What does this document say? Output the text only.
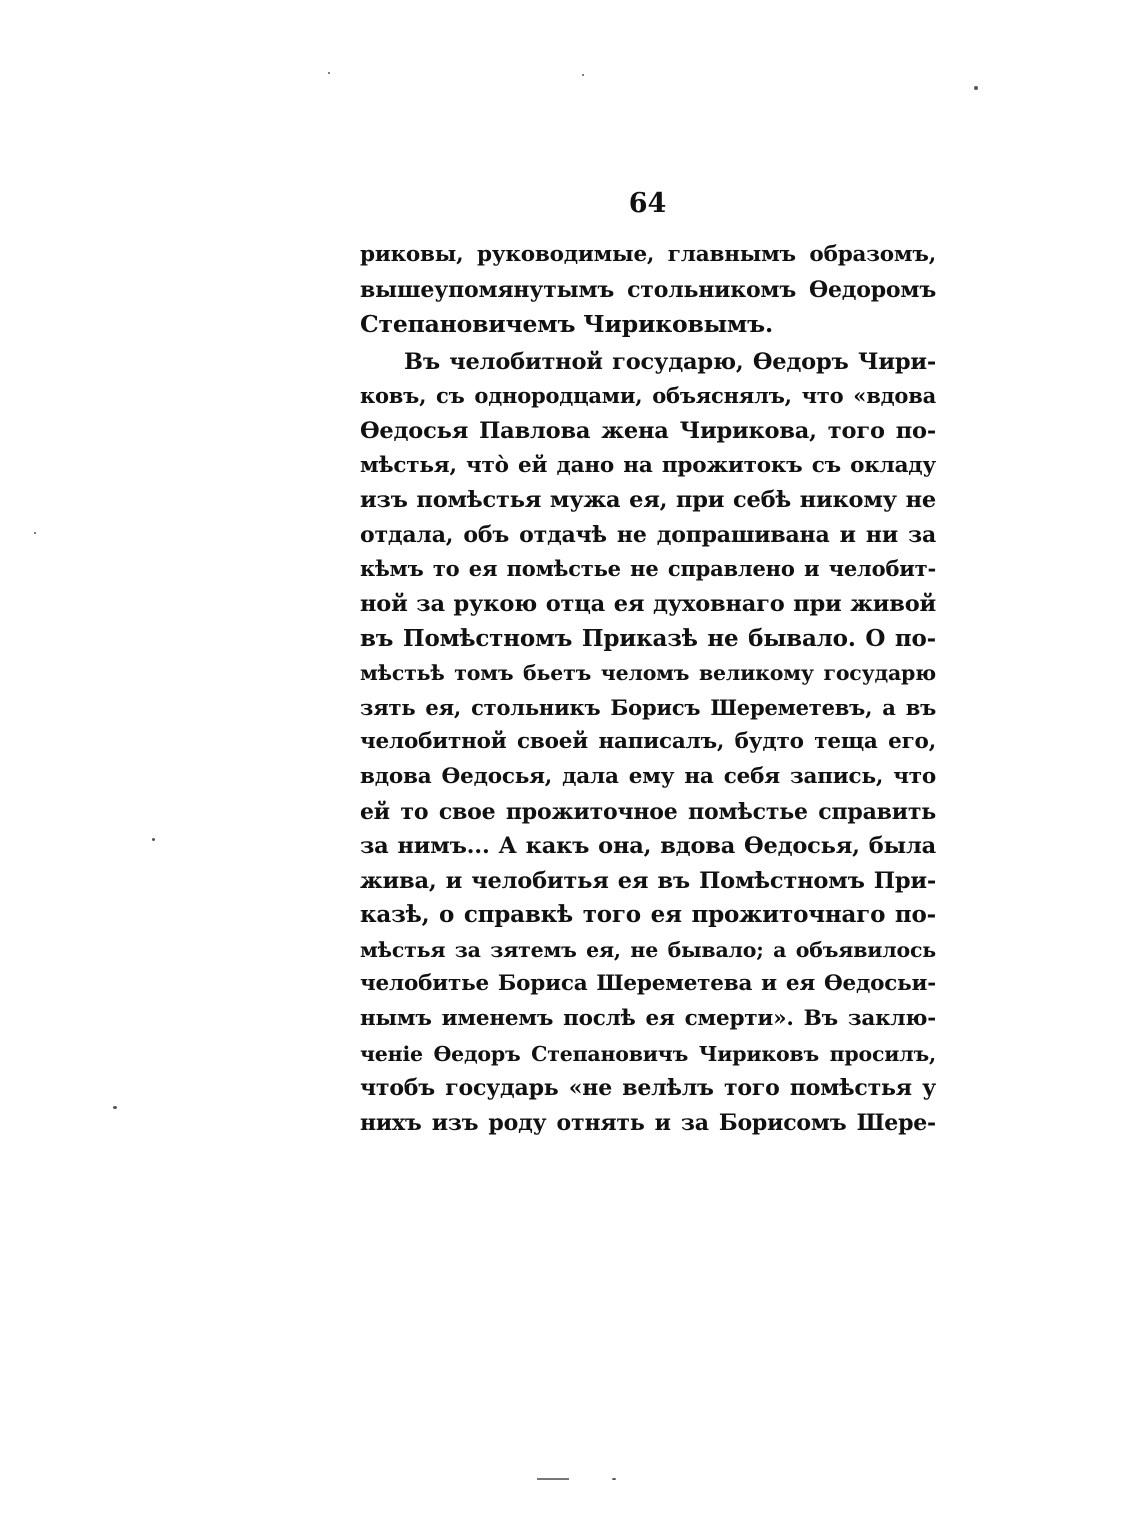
64
риковы, руководимые, главнымъ образомъ,
вышеупомянутымъ стольникомъ Өедоромъ
Степановичемъ Чириковымъ.
Въ челобитной государю, Өедоръ Чири-
ковъ, съ однородцами, объяснялъ, что «вдова
Өедосья Павлова жена Чирикова, того по-
мѣстья, чтò ей дано на прожитокъ съ окладу
изъ помѣстья мужа ея, при себѣ никому не
отдала, объ отдачѣ не допрашивана и ни за
кѣмъ то ея помѣстье не справлено и челобит-
ной за рукою отца ея духовнаго при живой
въ Помѣстномъ Приказѣ не бывало. О по-
мѣстьѣ томъ бьетъ челомъ великому государю
зять ея, стольникъ Борисъ Шереметевъ, а въ
челобитной своей написалъ, будто теща его,
вдова Өедосья, дала ему на себя запись, что
ей то свое прожиточное помѣстье справить
за нимъ... А какъ она, вдова Өедосья, была
жива, и челобитья ея въ Помѣстномъ При-
казѣ, о справкѣ того ея прожиточнаго по-
мѣстья за зятемъ ея, не бывало; а объявилось
челобитье Бориса Шереметева и ея Өедосьи-
нымъ именемъ послѣ ея смерти». Въ заклю-
ченіе Өедоръ Степановичъ Чириковъ просилъ,
чтобъ государь «не велѣлъ того помѣстья у
нихъ изъ роду отнять и за Борисомъ Шере-
